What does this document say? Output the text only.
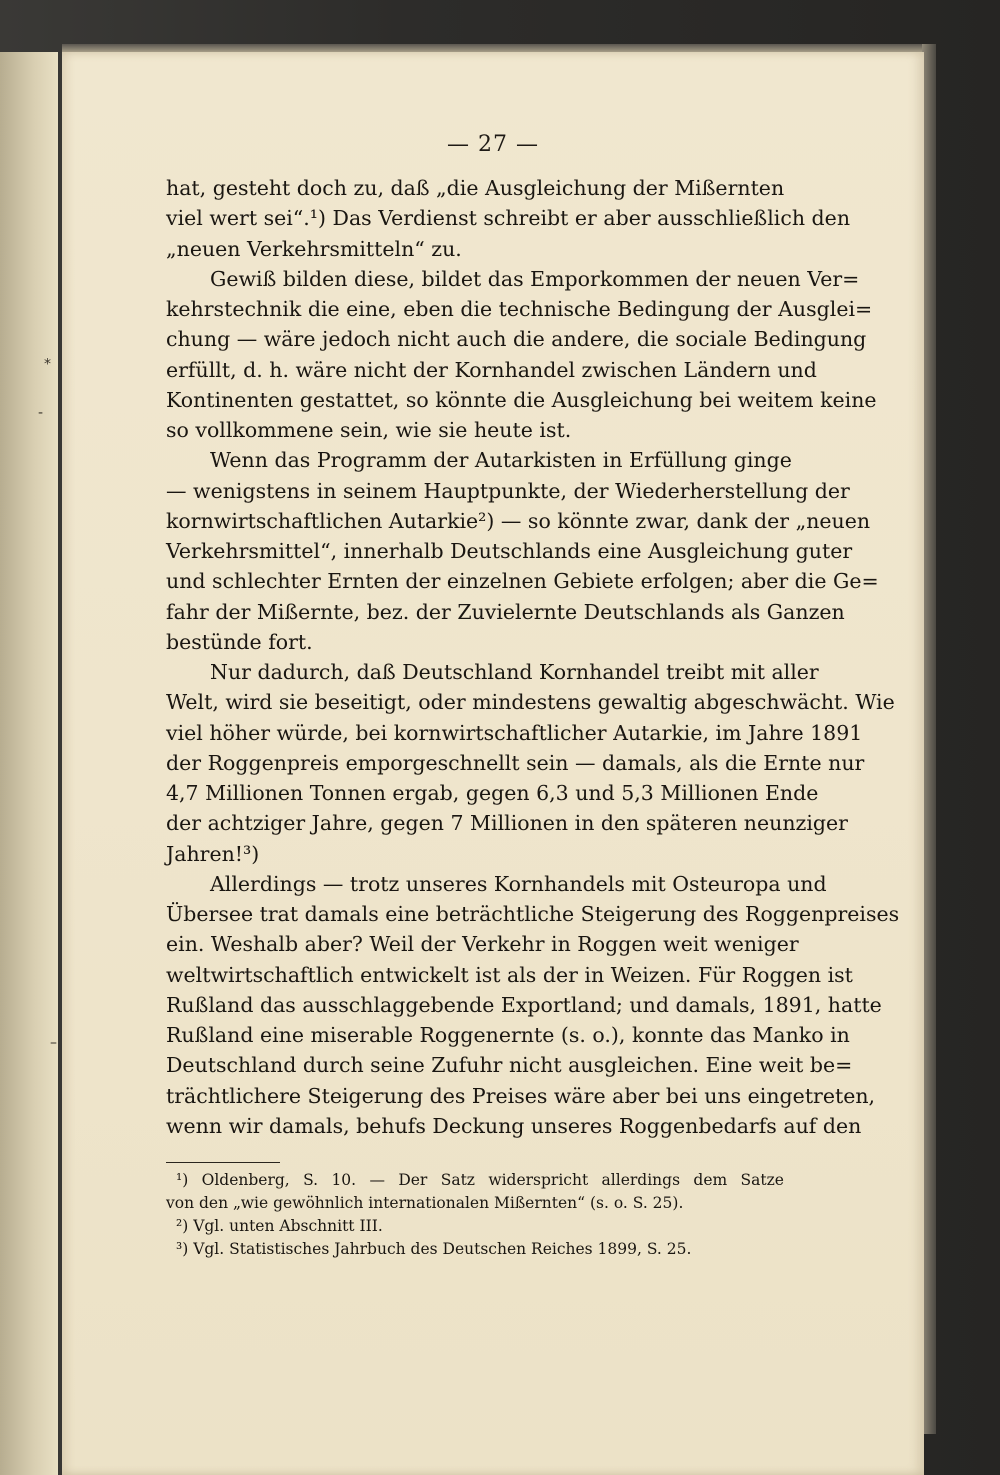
— 27 —
hat, gesteht doch zu, daß „die Ausgleichung der Mißernten
viel wert sei“.¹) Das Verdienst schreibt er aber ausschließlich den
„neuen Verkehrsmitteln“ zu.
Gewiß bilden diese, bildet das Emporkommen der neuen Ver=
kehrstechnik die eine, eben die technische Bedingung der Ausglei=
chung — wäre jedoch nicht auch die andere, die sociale Bedingung
erfüllt, d. h. wäre nicht der Kornhandel zwischen Ländern und
Kontinenten gestattet, so könnte die Ausgleichung bei weitem keine
so vollkommene sein, wie sie heute ist.
Wenn das Programm der Autarkisten in Erfüllung ginge
— wenigstens in seinem Hauptpunkte, der Wiederherstellung der
kornwirtschaftlichen Autarkie²) — so könnte zwar, dank der „neuen
Verkehrsmittel“, innerhalb Deutschlands eine Ausgleichung guter
und schlechter Ernten der einzelnen Gebiete erfolgen; aber die Ge=
fahr der Mißernte, bez. der Zuvielernte Deutschlands als Ganzen
bestünde fort.
Nur dadurch, daß Deutschland Kornhandel treibt mit aller
Welt, wird sie beseitigt, oder mindestens gewaltig abgeschwächt. Wie
viel höher würde, bei kornwirtschaftlicher Autarkie, im Jahre 1891
der Roggenpreis emporgeschnellt sein — damals, als die Ernte nur
4,7 Millionen Tonnen ergab, gegen 6,3 und 5,3 Millionen Ende
der achtziger Jahre, gegen 7 Millionen in den späteren neunziger
Jahren!³)
Allerdings — trotz unseres Kornhandels mit Osteuropa und
Übersee trat damals eine beträchtliche Steigerung des Roggenpreises
ein. Weshalb aber? Weil der Verkehr in Roggen weit weniger
weltwirtschaftlich entwickelt ist als der in Weizen. Für Roggen ist
Rußland das ausschlaggebende Exportland; und damals, 1891, hatte
Rußland eine miserable Roggenernte (s. o.), konnte das Manko in
Deutschland durch seine Zufuhr nicht ausgleichen. Eine weit be=
trächtlichere Steigerung des Preises wäre aber bei uns eingetreten,
wenn wir damals, behufs Deckung unseres Roggenbedarfs auf den
¹) Oldenberg, S. 10. — Der Satz widerspricht allerdings dem Satze
von den „wie gewöhnlich internationalen Mißernten“ (s. o. S. 25).
²) Vgl. unten Abschnitt III.
³) Vgl. Statistisches Jahrbuch des Deutschen Reiches 1899, S. 25.
⁎
-
–
